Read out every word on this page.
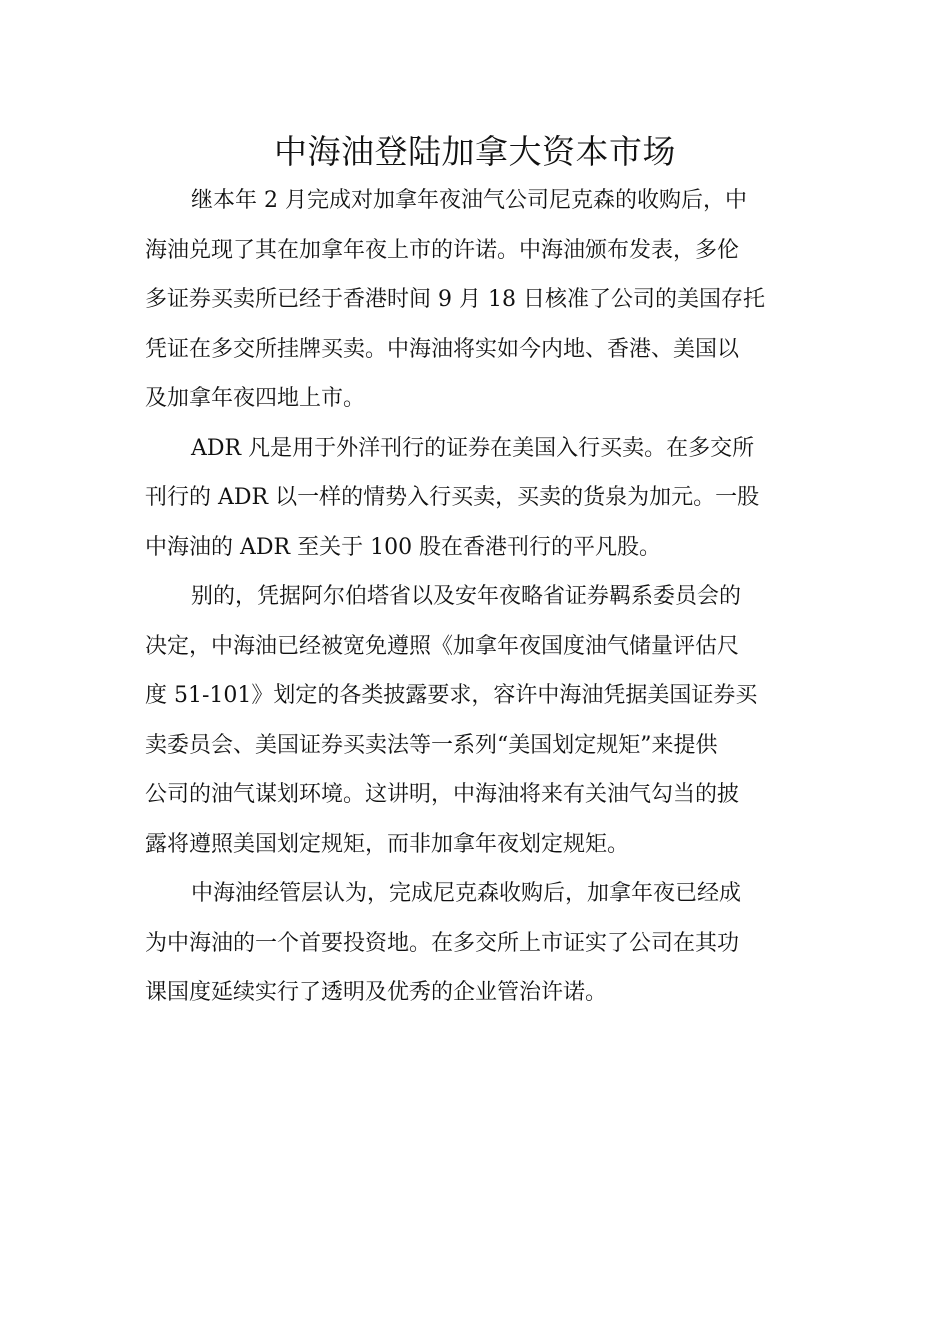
中海油登陆加拿大资本市场

继本年 2 月完成对加拿年夜油气公司尼克森的收购后，中
海油兑现了其在加拿年夜上市的许诺。中海油颁布发表，多伦
多证券买卖所已经于香港时间 9 月 18 日核准了公司的美国存托
凭证在多交所挂牌买卖。中海油将实如今内地、香港、美国以
及加拿年夜四地上市。

ADR 凡是用于外洋刊行的证券在美国入行买卖。在多交所
刊行的 ADR 以一样的情势入行买卖，买卖的货泉为加元。一股
中海油的 ADR 至关于 100 股在香港刊行的平凡股。

别的，凭据阿尔伯塔省以及安年夜略省证券羁系委员会的
决定，中海油已经被宽免遵照《加拿年夜国度油气储量评估尺
度 51-101》划定的各类披露要求，容许中海油凭据美国证券买
卖委员会、美国证券买卖法等一系列“美国划定规矩”来提供
公司的油气谋划环境。这讲明，中海油将来有关油气勾当的披
露将遵照美国划定规矩，而非加拿年夜划定规矩。

中海油经管层认为，完成尼克森收购后，加拿年夜已经成
为中海油的一个首要投资地。在多交所上市证实了公司在其功
课国度延续实行了透明及优秀的企业管治许诺。
